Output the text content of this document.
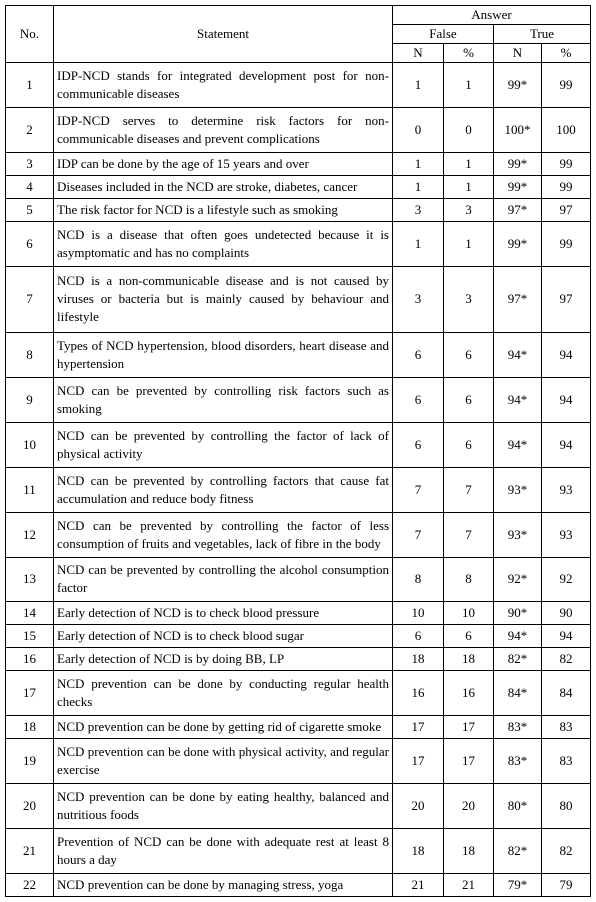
No.	Statement	Answer			
		False		True	
		N	%	N	%
1	IDP-NCD stands for integrated development post for non-communicable diseases	1	1	99*	99
2	IDP-NCD serves to determine risk factors for non-communicable diseases and prevent complications	0	0	100*	100
3	IDP can be done by the age of 15 years and over	1	1	99*	99
4	Diseases included in the NCD are stroke, diabetes, cancer	1	1	99*	99
5	The risk factor for NCD is a lifestyle such as smoking	3	3	97*	97
6	NCD is a disease that often goes undetected because it is asymptomatic and has no complaints	1	1	99*	99
7	NCD is a non-communicable disease and is not caused by viruses or bacteria but is mainly caused by behaviour and lifestyle	3	3	97*	97
8	Types of NCD hypertension, blood disorders, heart disease and hypertension	6	6	94*	94
9	NCD can be prevented by controlling risk factors such as smoking	6	6	94*	94
10	NCD can be prevented by controlling the factor of lack of physical activity	6	6	94*	94
11	NCD can be prevented by controlling factors that cause fat accumulation and reduce body fitness	7	7	93*	93
12	NCD can be prevented by controlling the factor of less consumption of fruits and vegetables, lack of fibre in the body	7	7	93*	93
13	NCD can be prevented by controlling the alcohol consumption factor	8	8	92*	92
14	Early detection of NCD is to check blood pressure	10	10	90*	90
15	Early detection of NCD is to check blood sugar	6	6	94*	94
16	Early detection of NCD is by doing BB, LP	18	18	82*	82
17	NCD prevention can be done by conducting regular health checks	16	16	84*	84
18	NCD prevention can be done by getting rid of cigarette smoke	17	17	83*	83
19	NCD prevention can be done with physical activity, and regular exercise	17	17	83*	83
20	NCD prevention can be done by eating healthy, balanced and nutritious foods	20	20	80*	80
21	Prevention of NCD can be done with adequate rest at least 8 hours a day	18	18	82*	82
22	NCD prevention can be done by managing stress, yoga	21	21	79*	79
